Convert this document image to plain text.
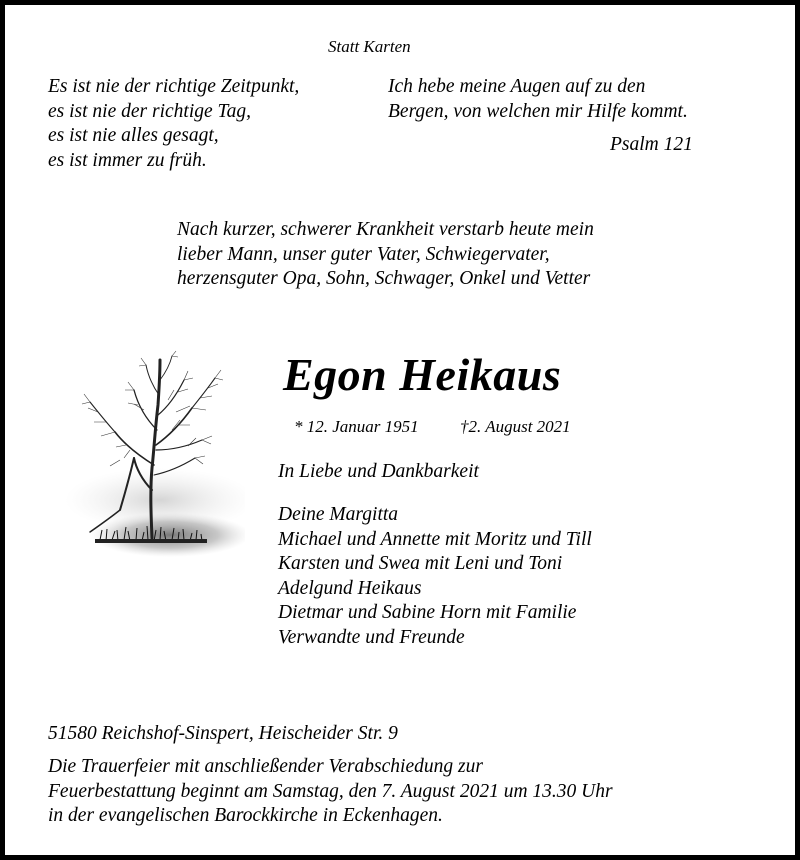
Statt Karten
Es ist nie der richtige Zeitpunkt,
es ist nie der richtige Tag,
es ist nie alles gesagt,
es ist immer zu früh.
Ich hebe meine Augen auf zu den
Bergen, von welchen mir Hilfe kommt.
Psalm 121
Nach kurzer, schwerer Krankheit verstarb heute mein
lieber Mann, unser guter Vater, Schwiegervater,
herzensguter Opa, Sohn, Schwager, Onkel und Vetter
Egon Heikaus
* 12. Januar 1951 †2. August 2021
In Liebe und Dankbarkeit
Deine Margitta
Michael und Annette mit Moritz und Till
Karsten und Swea mit Leni und Toni
Adelgund Heikaus
Dietmar und Sabine Horn mit Familie
Verwandte und Freunde
51580 Reichshof-Sinspert, Heischeider Str. 9
Die Trauerfeier mit anschließender Verabschiedung zur
Feuerbestattung beginnt am Samstag, den 7. August 2021 um 13.30 Uhr
in der evangelischen Barockkirche in Eckenhagen.
